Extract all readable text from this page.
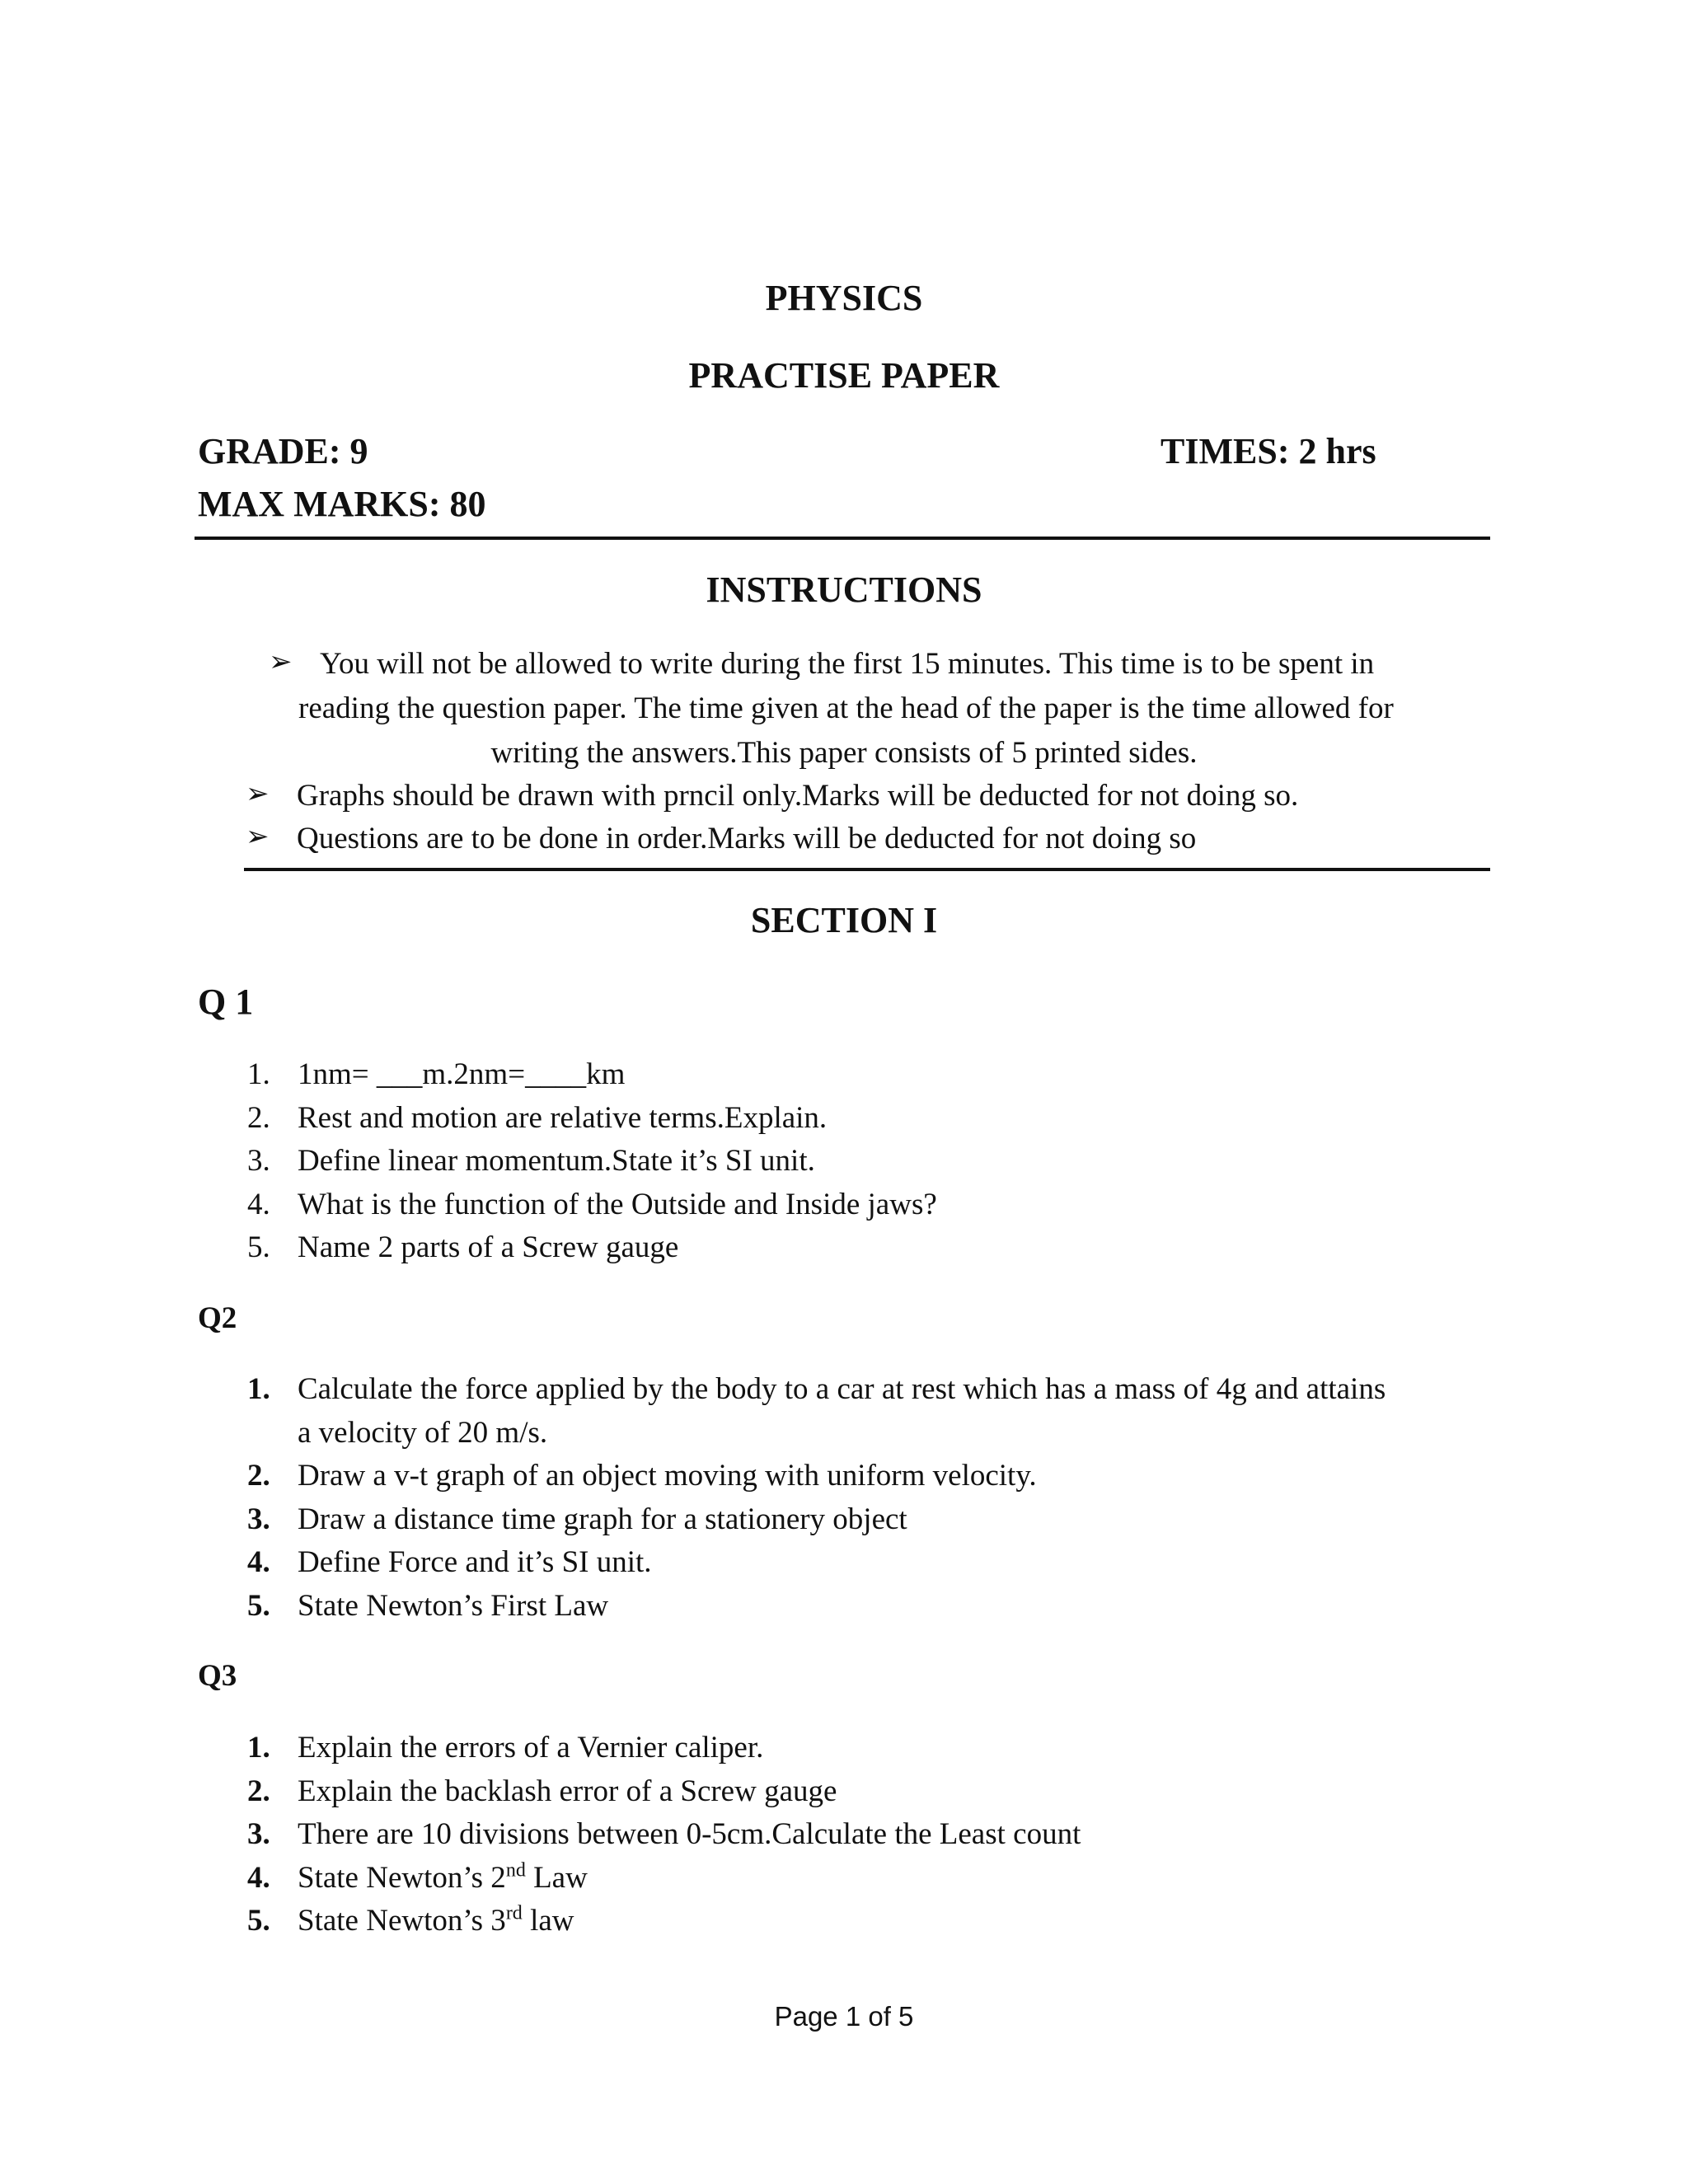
PHYSICS
PRACTISE PAPER
GRADE: 9	TIMES: 2 hrs
MAX MARKS: 80
INSTRUCTIONS
➢ You will not be allowed to write during the first 15 minutes. This time is to be spent in
reading the question paper. The time given at the head of the paper is the time allowed for
writing the answers.This paper consists of 5 printed sides.
➢ Graphs should be drawn with prncil only.Marks will be deducted for not doing so.
➢ Questions are to be done in order.Marks will be deducted for not doing so
SECTION I
Q 1
1. 1nm= ___m.2nm=____km
2. Rest and motion are relative terms.Explain.
3. Define linear momentum.State it’s SI unit.
4. What is the function of the Outside and Inside jaws?
5. Name 2 parts of a Screw gauge
Q2
1. Calculate the force applied by the body to a car at rest which has a mass of 4g and attains
a velocity of 20 m/s.
2. Draw a v-t graph of an object moving with uniform velocity.
3. Draw a distance time graph for a stationery object
4. Define Force and it’s SI unit.
5. State Newton’s First Law
Q3
1. Explain the errors of a Vernier caliper.
2. Explain the backlash error of a Screw gauge
3. There are 10 divisions between 0-5cm.Calculate the Least count
4. State Newton’s 2nd Law
5. State Newton’s 3rd law
Page 1 of 5
